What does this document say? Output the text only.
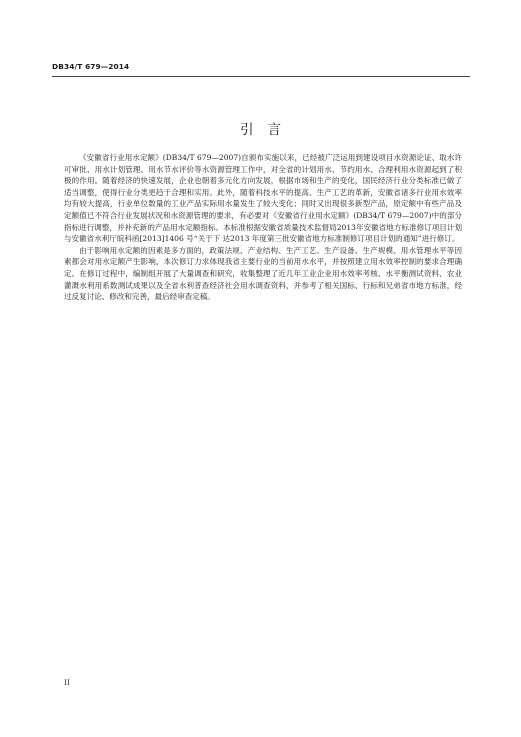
DB34/T 679—2014
引言

《安徽省行业用水定额》(DB34/T 679—2007)自颁布实施以来，已经被广泛运用到建设项目水资源论证、取水许可审批、用水计划管理、用水节水评价等水资源管理工作中，对全省的计划用水、节约用水、合理利用水资源起到了积极的作用。随着经济的快速发展，企业也朝着多元化方向发展，根据市场和生产的变化，国民经济行业分类标准已做了适当调整，使得行业分类更趋于合理和实用。此外，随着科技水平的提高、生产工艺的革新，安徽省诸多行业用水效率均有较大提高，行业单位数量的工业产品实际用水量发生了较大变化；同时又出现很多新型产品，原定额中有些产品及定额值已不符合行业发展状况和水资源管理的要求，有必要对《安徽省行业用水定额》(DB34/T 679—2007)中的部分指标进行调整，并补充新的产品用水定额指标。本标准根据安徽省质量技术监督局2013年安徽省地方标准修订项目计划与安徽省水利厅皖科函[2013]1406 号“关于下 达2013 年度第三批安徽省地方标准制修订项目计划的通知”进行修订。

由于影响用水定额的因素是多方面的，政策法规、产业结构、生产工艺、生产设备、生产规模、用水管理水平等因素都会对用水定额产生影响，本次修订力求体现我省主要行业的当前用水水平，并按照建立用水效率控制的要求合理确定。在修订过程中，编制组开展了大量调查和研究，收集整理了近几年工业企业用水效率考核、水平衡测试资料、农业灌溉水利用系数测试成果以及全省水利普查经济社会用水调查资料，并参考了相关国标、行标和兄弟省市地方标准，经过反复讨论、修改和完善，最后经审查定稿。

II
